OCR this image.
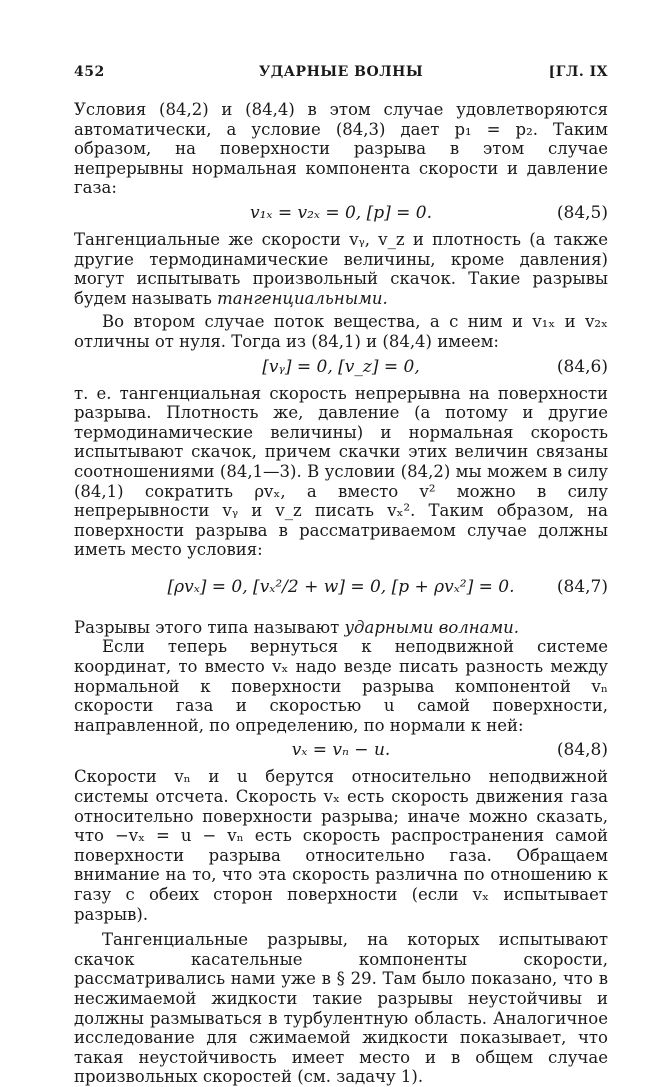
452	УДАРНЫЕ ВОЛНЫ	[ГЛ. IX

Условия (84,2) и (84,4) в этом случае удовлетворяются автоматически, а условие (84,3) дает p₁ = p₂. Таким образом, на поверхности разрыва в этом случае непрерывны нормальная компонента скорости и давление газа:

v₁ₓ = v₂ₓ = 0, [p] = 0.	(84,5)

Тангенциальные же скорости vᵧ, v_z и плотность (а также другие термодинамические величины, кроме давления) могут испытывать произвольный скачок. Такие разрывы будем называть тангенциальными.

Во втором случае поток вещества, а с ним и v₁ₓ и v₂ₓ отличны от нуля. Тогда из (84,1) и (84,4) имеем:

[vᵧ] = 0, [v_z] = 0,	(84,6)

т. е. тангенциальная скорость непрерывна на поверхности разрыва. Плотность же, давление (а потому и другие термодинамические величины) и нормальная скорость испытывают скачок, причем скачки этих величин связаны соотношениями (84,1—3). В условии (84,2) мы можем в силу (84,1) сократить ρvₓ, а вместо v² можно в силу непрерывности vᵧ и v_z писать vₓ². Таким образом, на поверхности разрыва в рассматриваемом случае должны иметь место условия:

[ρvₓ] = 0, [vₓ²/2 + w] = 0, [p + ρvₓ²] = 0.	(84,7)

Разрывы этого типа называют ударными волнами.

Если теперь вернуться к неподвижной системе координат, то вместо vₓ надо везде писать разность между нормальной к поверхности разрыва компонентой vₙ скорости газа и скоростью u самой поверхности, направленной, по определению, по нормали к ней:

vₓ = vₙ − u.	(84,8)

Скорости vₙ и u берутся относительно неподвижной системы отсчета. Скорость vₓ есть скорость движения газа относительно поверхности разрыва; иначе можно сказать, что −vₓ = u − vₙ есть скорость распространения самой поверхности разрыва относительно газа. Обращаем внимание на то, что эта скорость различна по отношению к газу с обеих сторон поверхности (если vₓ испытывает разрыв).

Тангенциальные разрывы, на которых испытывают скачок касательные компоненты скорости, рассматривались нами уже в § 29. Там было показано, что в несжимаемой жидкости такие разрывы неустойчивы и должны размываться в турбулентную область. Аналогичное исследование для сжимаемой жидкости показывает, что такая неустойчивость имеет место и в общем случае произвольных скоростей (см. задачу 1).
